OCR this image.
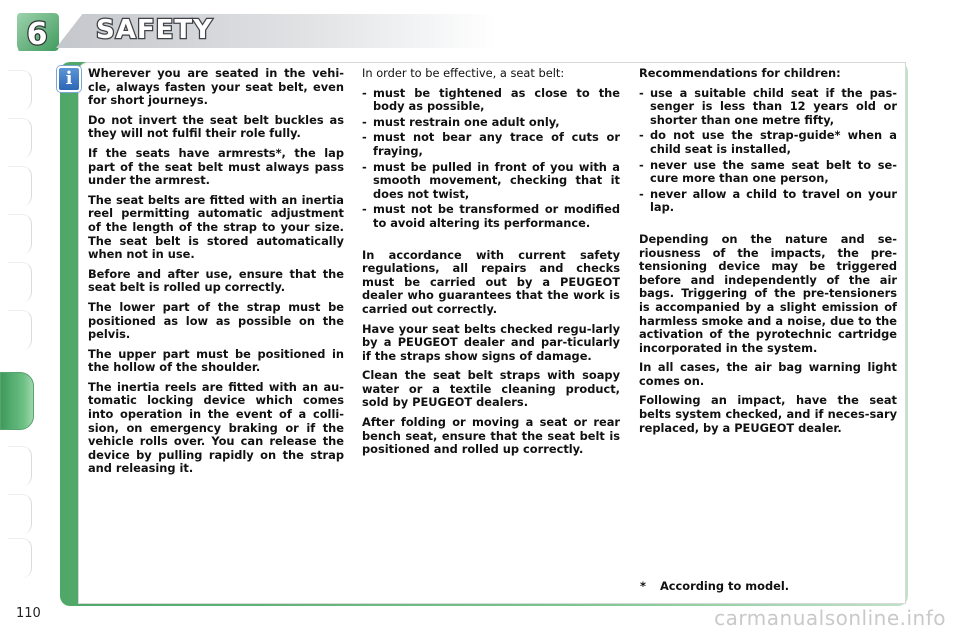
6 SAFETY
i	Wherever you are seated in the vehi-cle, always fasten your seat belt, even for short journeys.

Do not invert the seat belt buckles as they will not fulfil their role fully.

If the seats have armrests*, the lap part of the seat belt must always pass under the armrest.

The seat belts are fitted with an inertia reel permitting automatic adjustment of the length of the strap to your size. The seat belt is stored automatically when not in use.

Before and after use, ensure that the seat belt is rolled up correctly.

The lower part of the strap must be positioned as low as possible on the pelvis.

The upper part must be positioned in the hollow of the shoulder.

The inertia reels are fitted with an au-tomatic locking device which comes into operation in the event of a colli-sion, on emergency braking or if the vehicle rolls over. You can release the device by pulling rapidly on the strap and releasing it.

In order to be effective, a seat belt:

- must be tightened as close to the body as possible,
- must restrain one adult only,
- must not bear any trace of cuts or fraying,
- must be pulled in front of you with a smooth movement, checking that it does not twist,
- must not be transformed or modified to avoid altering its performance.

In accordance with current safety regulations, all repairs and checks must be carried out by a PEUGEOT dealer who guarantees that the work is carried out correctly.

Have your seat belts checked regu-larly by a PEUGEOT dealer and par-ticularly if the straps show signs of damage.

Clean the seat belt straps with soapy water or a textile cleaning product, sold by PEUGEOT dealers.

After folding or moving a seat or rear bench seat, ensure that the seat belt is positioned and rolled up correctly.

Recommendations for children:

- use a suitable child seat if the pas-senger is less than 12 years old or shorter than one metre fifty,
- do not use the strap-guide* when a child seat is installed,
- never use the same seat belt to se-cure more than one person,
- never allow a child to travel on your lap.

Depending on the nature and se-riousness of the impacts, the pre-tensioning device may be triggered before and independently of the air bags. Triggering of the pre-tensioners is accompanied by a slight emission of harmless smoke and a noise, due to the activation of the pyrotechnic cartridge incorporated in the system.

In all cases, the air bag warning light comes on.

Following an impact, have the seat belts system checked, and if neces-sary replaced, by a PEUGEOT dealer.

* According to model.
110	carmanualsonline.info
